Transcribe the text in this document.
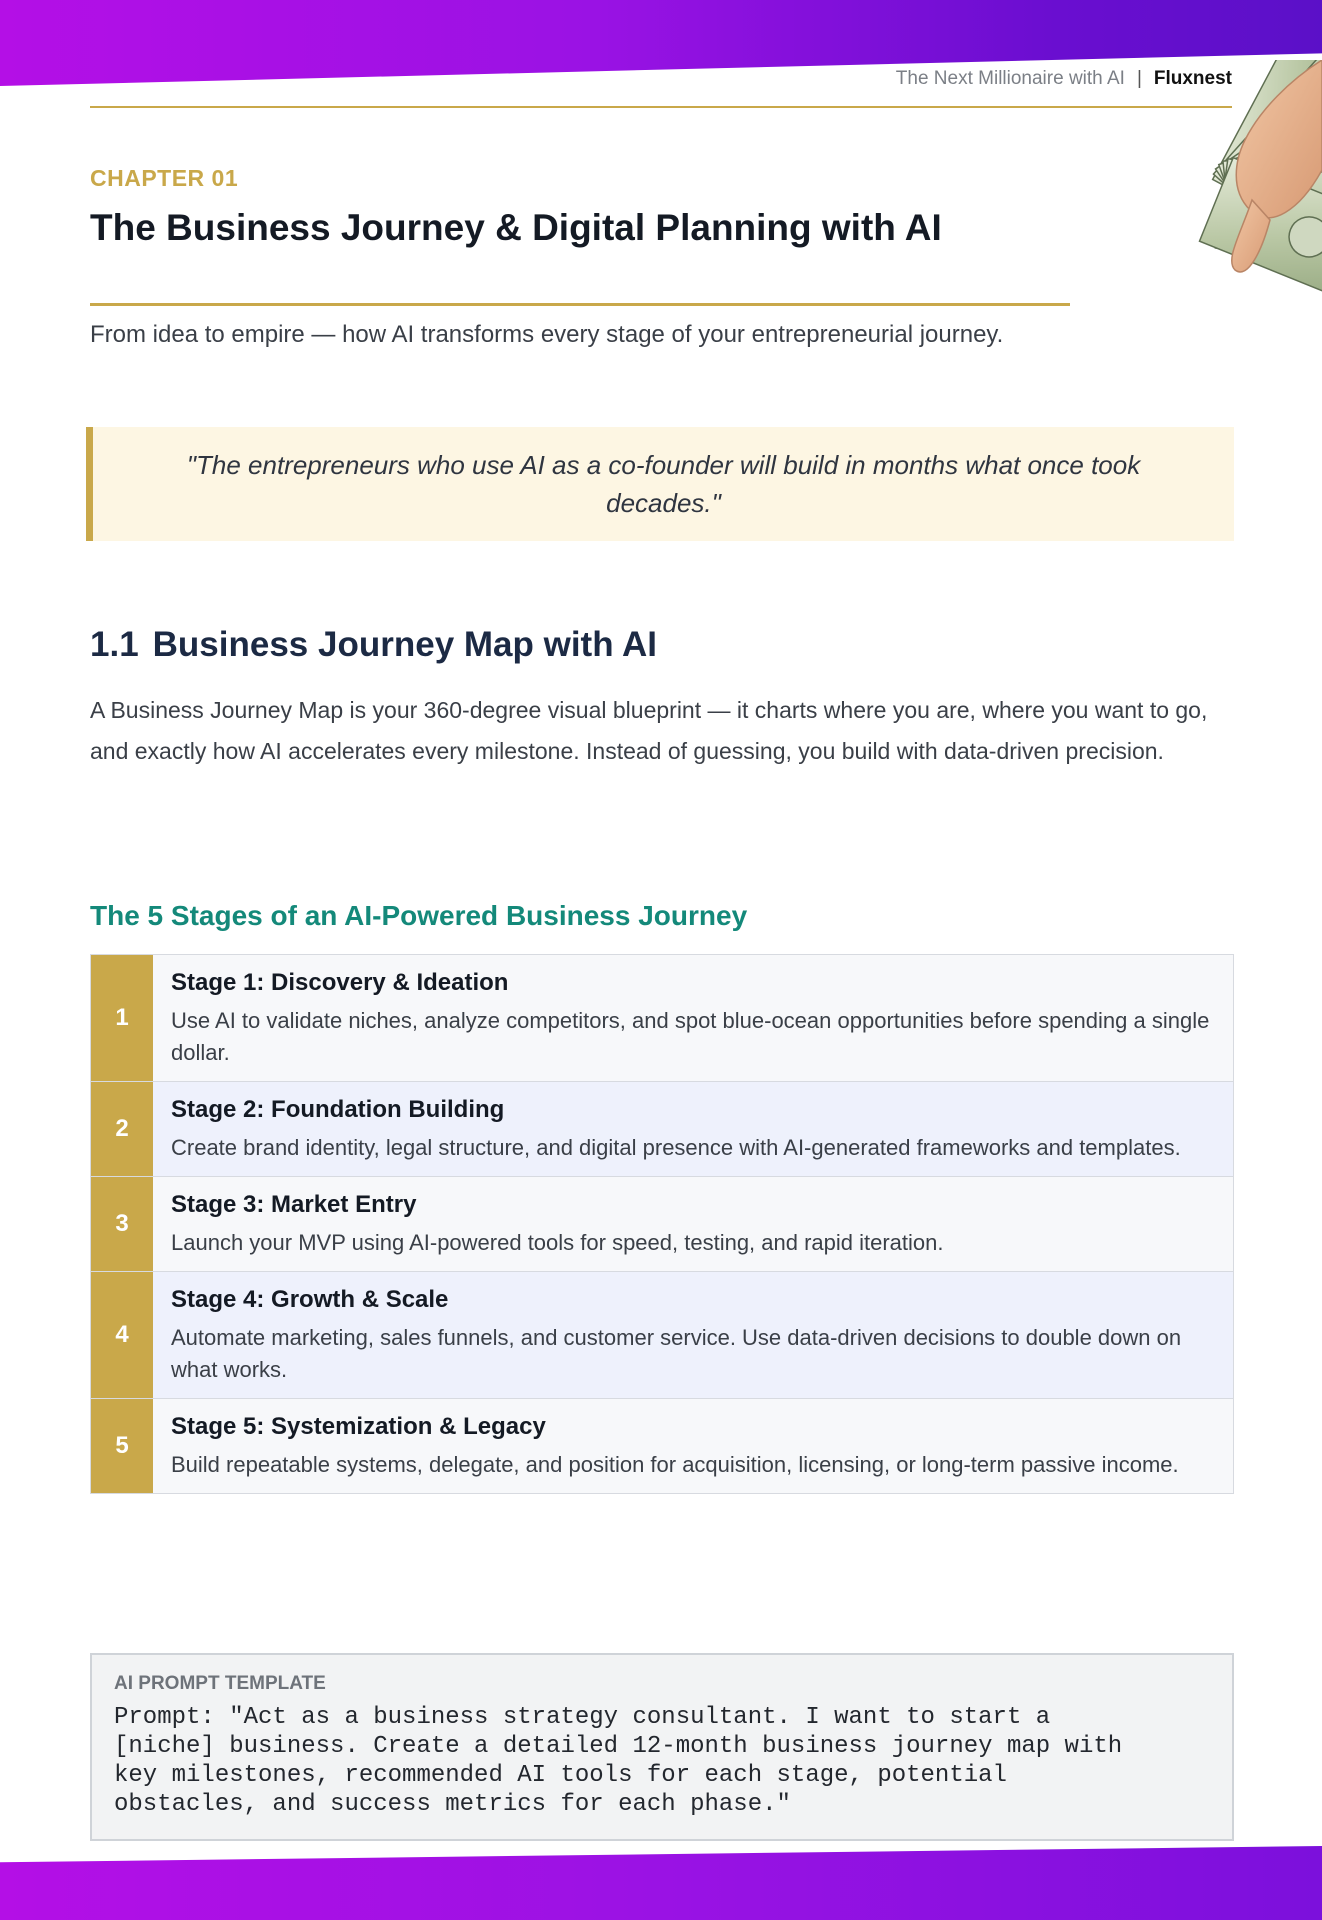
The Next Millionaire with AI | Fluxnest
CHAPTER 01
The Business Journey & Digital Planning with AI
From idea to empire — how AI transforms every stage of your entrepreneurial journey.
"The entrepreneurs who use AI as a co-founder will build in months what once took decades."
1.1 Business Journey Map with AI
A Business Journey Map is your 360-degree visual blueprint — it charts where you are, where you want to go, and exactly how AI accelerates every milestone. Instead of guessing, you build with data-driven precision.
The 5 Stages of an AI-Powered Business Journey
1
Stage 1: Discovery & Ideation
Use AI to validate niches, analyze competitors, and spot blue-ocean opportunities before spending a single dollar.
2
Stage 2: Foundation Building
Create brand identity, legal structure, and digital presence with AI-generated frameworks and templates.
3
Stage 3: Market Entry
Launch your MVP using AI-powered tools for speed, testing, and rapid iteration.
4
Stage 4: Growth & Scale
Automate marketing, sales funnels, and customer service. Use data-driven decisions to double down on what works.
5
Stage 5: Systemization & Legacy
Build repeatable systems, delegate, and position for acquisition, licensing, or long-term passive income.
AI PROMPT TEMPLATE
Prompt: "Act as a business strategy consultant. I want to start a
[niche] business. Create a detailed 12-month business journey map with
key milestones, recommended AI tools for each stage, potential
obstacles, and success metrics for each phase."
